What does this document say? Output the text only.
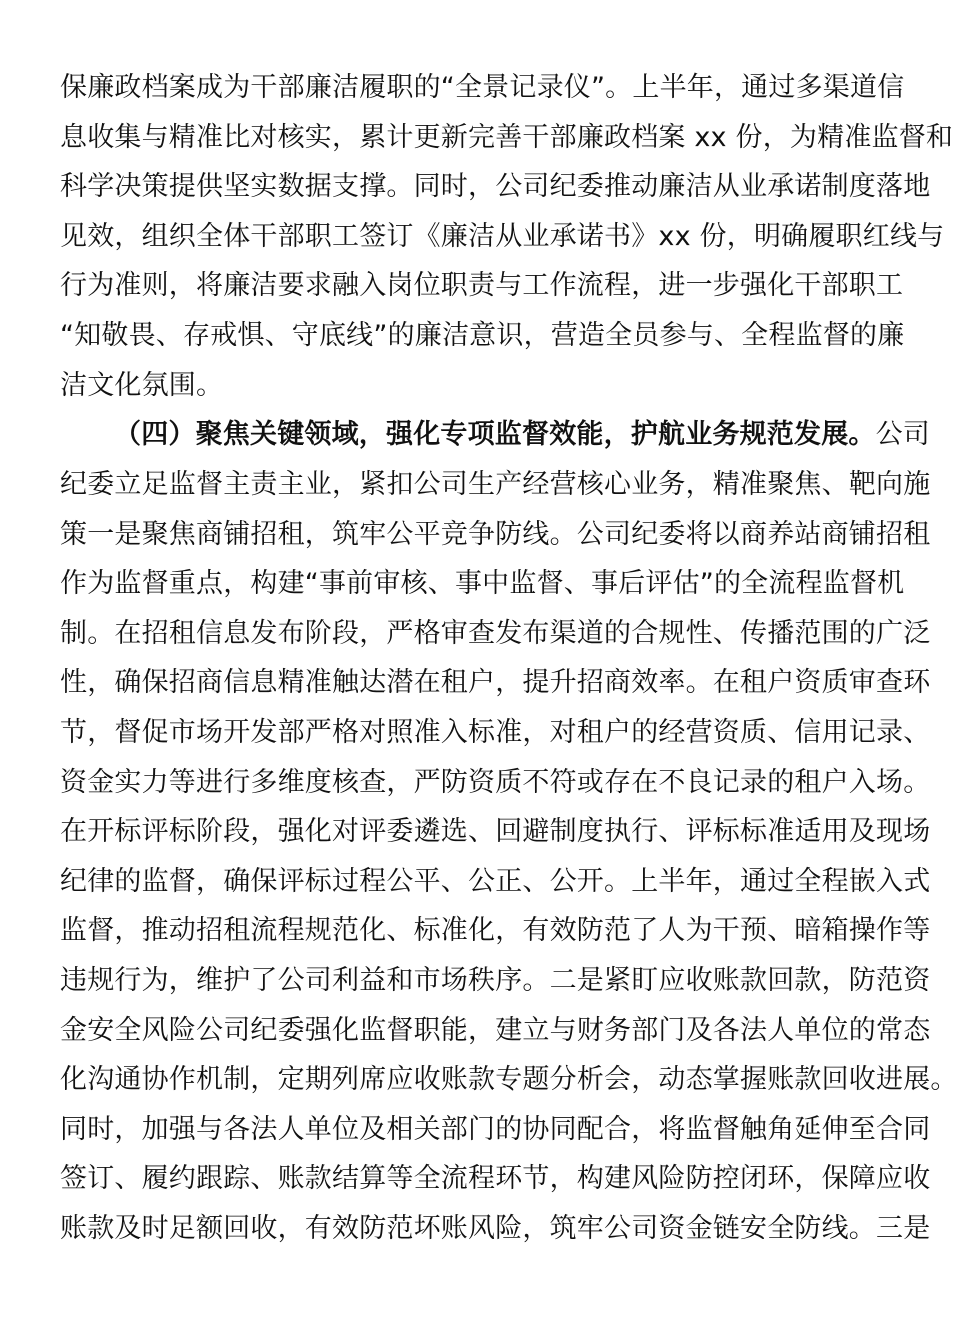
保廉政档案成为干部廉洁履职的“全景记录仪”。上半年，通过多渠道信
息收集与精准比对核实，累计更新完善干部廉政档案 xx 份，为精准监督和
科学决策提供坚实数据支撑。同时，公司纪委推动廉洁从业承诺制度落地
见效，组织全体干部职工签订《廉洁从业承诺书》xx 份，明确履职红线与
行为准则，将廉洁要求融入岗位职责与工作流程，进一步强化干部职工
“知敬畏、存戒惧、守底线”的廉洁意识，营造全员参与、全程监督的廉
洁文化氛围。
（四）聚焦关键领域，强化专项监督效能，护航业务规范发展。公司
纪委立足监督主责主业，紧扣公司生产经营核心业务，精准聚焦、靶向施
策一是聚焦商铺招租，筑牢公平竞争防线。公司纪委将以商养站商铺招租
作为监督重点，构建“事前审核、事中监督、事后评估”的全流程监督机
制。在招租信息发布阶段，严格审查发布渠道的合规性、传播范围的广泛
性，确保招商信息精准触达潜在租户，提升招商效率。在租户资质审查环
节，督促市场开发部严格对照准入标准，对租户的经营资质、信用记录、
资金实力等进行多维度核查，严防资质不符或存在不良记录的租户入场。
在开标评标阶段，强化对评委遴选、回避制度执行、评标标准适用及现场
纪律的监督，确保评标过程公平、公正、公开。上半年，通过全程嵌入式
监督，推动招租流程规范化、标准化，有效防范了人为干预、暗箱操作等
违规行为，维护了公司利益和市场秩序。二是紧盯应收账款回款，防范资
金安全风险公司纪委强化监督职能，建立与财务部门及各法人单位的常态
化沟通协作机制，定期列席应收账款专题分析会，动态掌握账款回收进展。
同时，加强与各法人单位及相关部门的协同配合，将监督触角延伸至合同
签订、履约跟踪、账款结算等全流程环节，构建风险防控闭环，保障应收
账款及时足额回收，有效防范坏账风险，筑牢公司资金链安全防线。三是
